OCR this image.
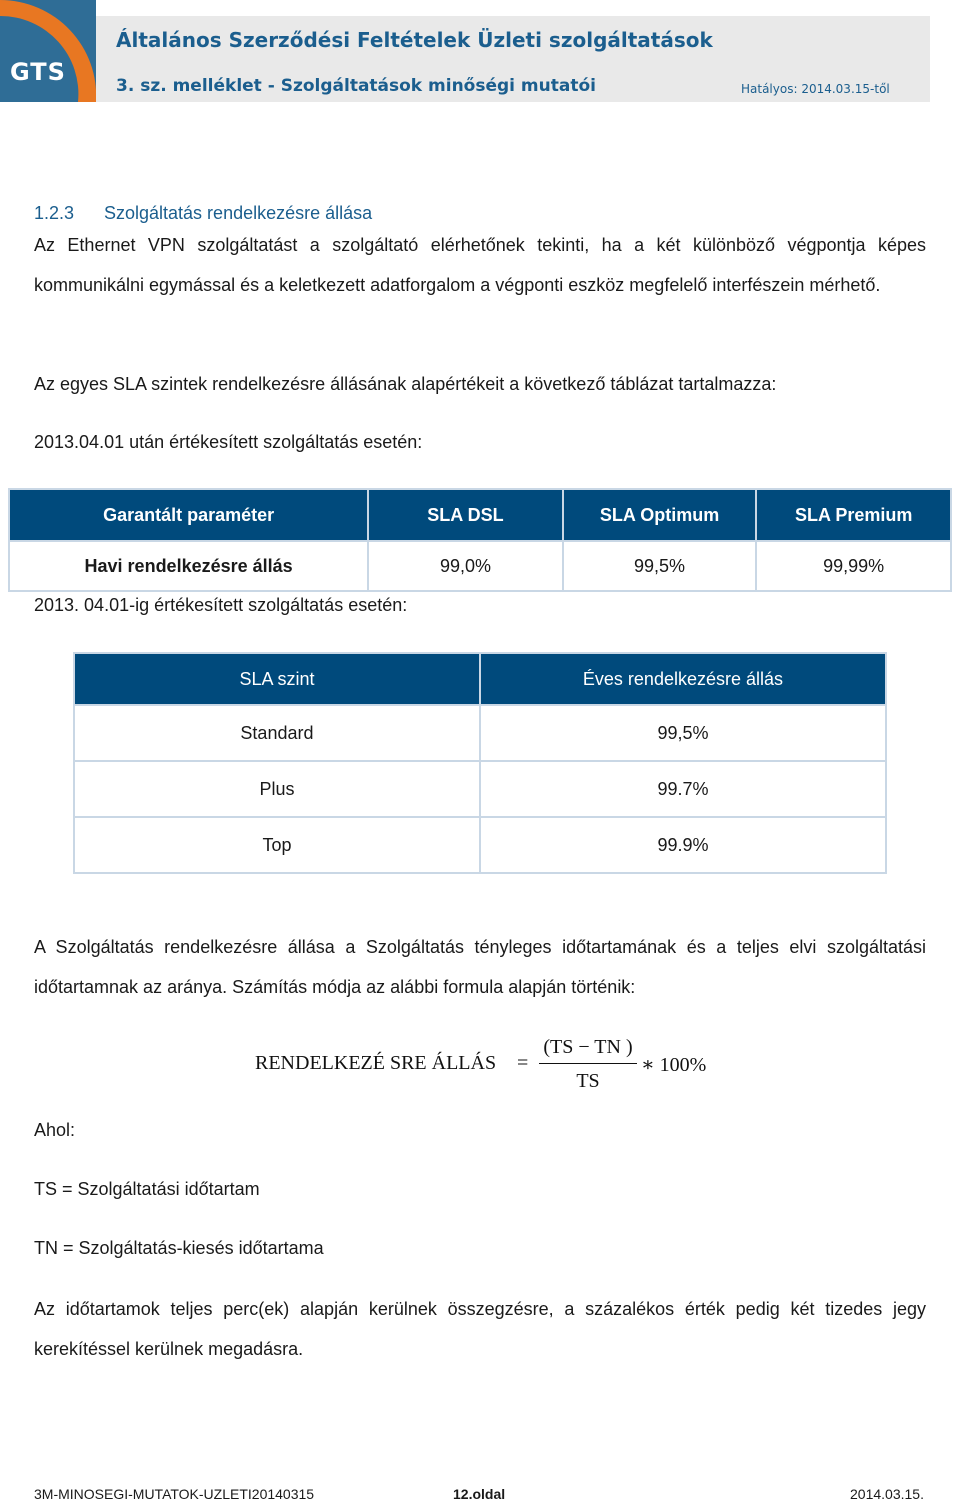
GTS
Általános Szerződési Feltételek Üzleti szolgáltatások
3. sz. melléklet - Szolgáltatások minőségi mutatói	Hatályos: 2014.03.15-től
1.2.3 Szolgáltatás rendelkezésre állása
Az Ethernet VPN szolgáltatást a szolgáltató elérhetőnek tekinti, ha a két különböző végpontja képes kommunikálni egymással és a keletkezett adatforgalom a végponti eszköz megfelelő interfészein mérhető.
Az egyes SLA szintek rendelkezésre állásának alapértékeit a következő táblázat tartalmazza:
2013.04.01 után értékesített szolgáltatás esetén:
Garantált paraméter	SLA DSL	SLA Optimum	SLA Premium
Havi rendelkezésre állás	99,0%	99,5%	99,99%
2013. 04.01-ig értékesített szolgáltatás esetén:
SLA szint	Éves rendelkezésre állás
Standard	99,5%
Plus	99.7%
Top	99.9%
A Szolgáltatás rendelkezésre állása a Szolgáltatás tényleges időtartamának és a teljes elvi szolgáltatási időtartamnak az aránya. Számítás módja az alábbi formula alapján történik:
RENDELKEZÉ SRE ÁLLÁS =
(TS − TN )
TS
∗ 100%
Ahol:
TS = Szolgáltatási időtartam
TN = Szolgáltatás-kiesés időtartama
Az időtartamok teljes perc(ek) alapján kerülnek összegzésre, a százalékos érték pedig két tizedes jegy kerekítéssel kerülnek megadásra.
3M-MINOSEGI-MUTATOK-UZLETI20140315	12.oldal	2014.03.15.
